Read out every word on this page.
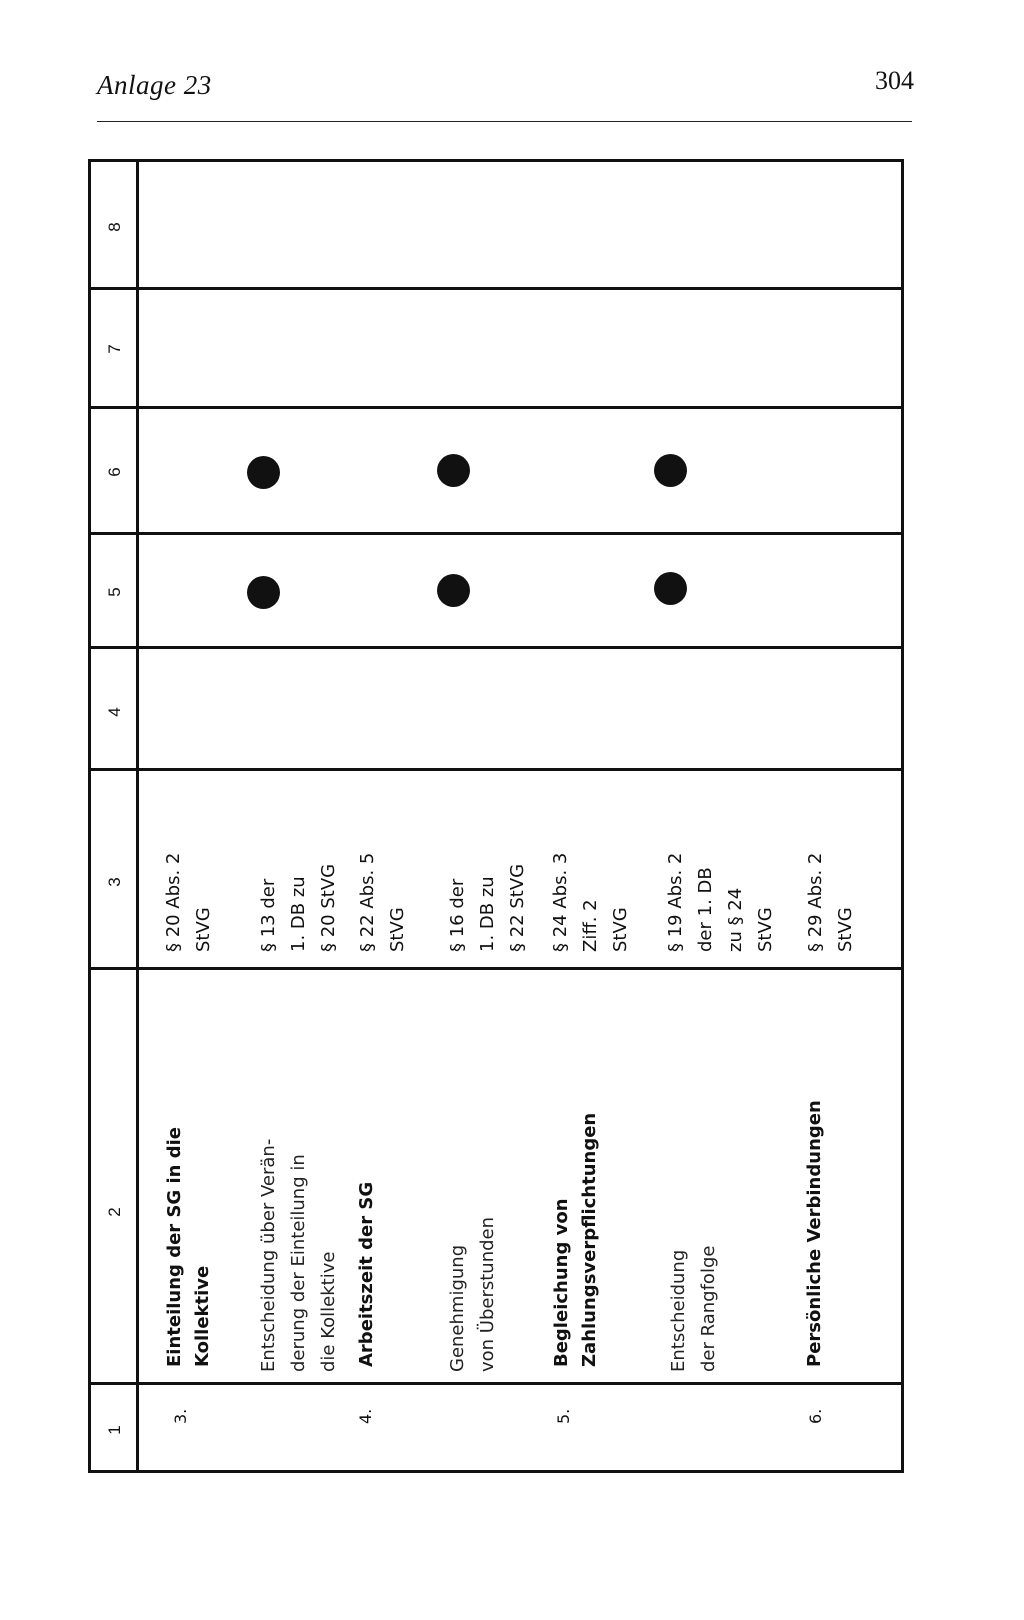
Anlage 23	304
8
7
6
5
4
3
2
1
3.
Einteilung der SG in die Kollektive
§ 20 Abs. 2 StVG
Entscheidung über Verän- derung der Einteilung in die Kollektive
§ 13 der 1. DB zu § 20 StVG
4.
Arbeitszeit der SG
§ 22 Abs. 5 StVG
Genehmigung von Überstunden
§ 16 der 1. DB zu § 22 StVG
5.
Begleichung von Zahlungsverpflichtungen
§ 24 Abs. 3 Ziff. 2 StVG
Entscheidung der Rangfolge
§ 19 Abs. 2 der 1. DB zu § 24 StVG
6.
Persönliche Verbindungen
§ 29 Abs. 2 StVG
